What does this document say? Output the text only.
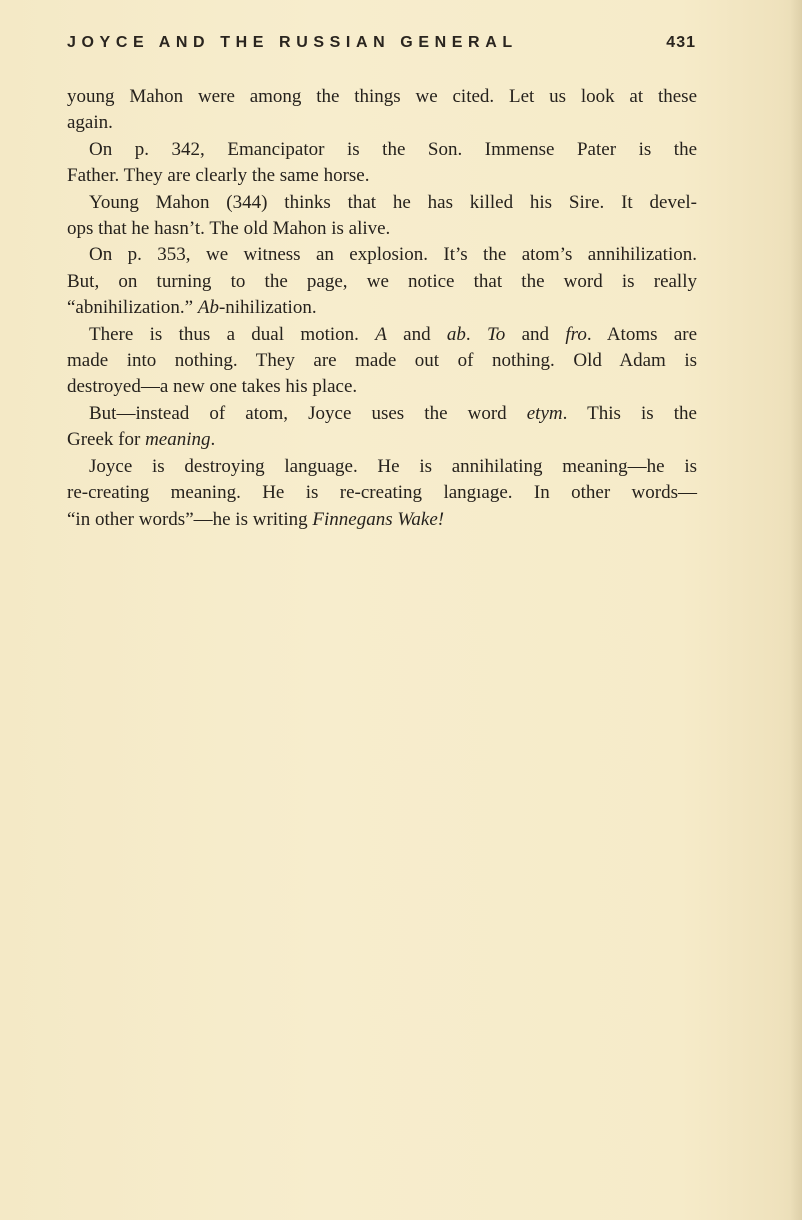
JOYCE AND THE RUSSIAN GENERAL	431

young Mahon were among the things we cited. Let us look at these
again.

On p. 342, Emancipator is the Son. Immense Pater is the
Father. They are clearly the same horse.

Young Mahon (344) thinks that he has killed his Sire. It devel-
ops that he hasn’t. The old Mahon is alive.

On p. 353, we witness an explosion. It’s the atom’s annihilization.
But, on turning to the page, we notice that the word is really
“abnihilization.” Ab-nihilization.

There is thus a dual motion. A and ab. To and fro. Atoms are
made into nothing. They are made out of nothing. Old Adam is
destroyed—a new one takes his place.

But—instead of atom, Joyce uses the word etym. This is the
Greek for meaning.

Joyce is destroying language. He is annihilating meaning—he is
re-creating meaning. He is re-creating langıage. In other words—
“in other words”—he is writing Finnegans Wake!
